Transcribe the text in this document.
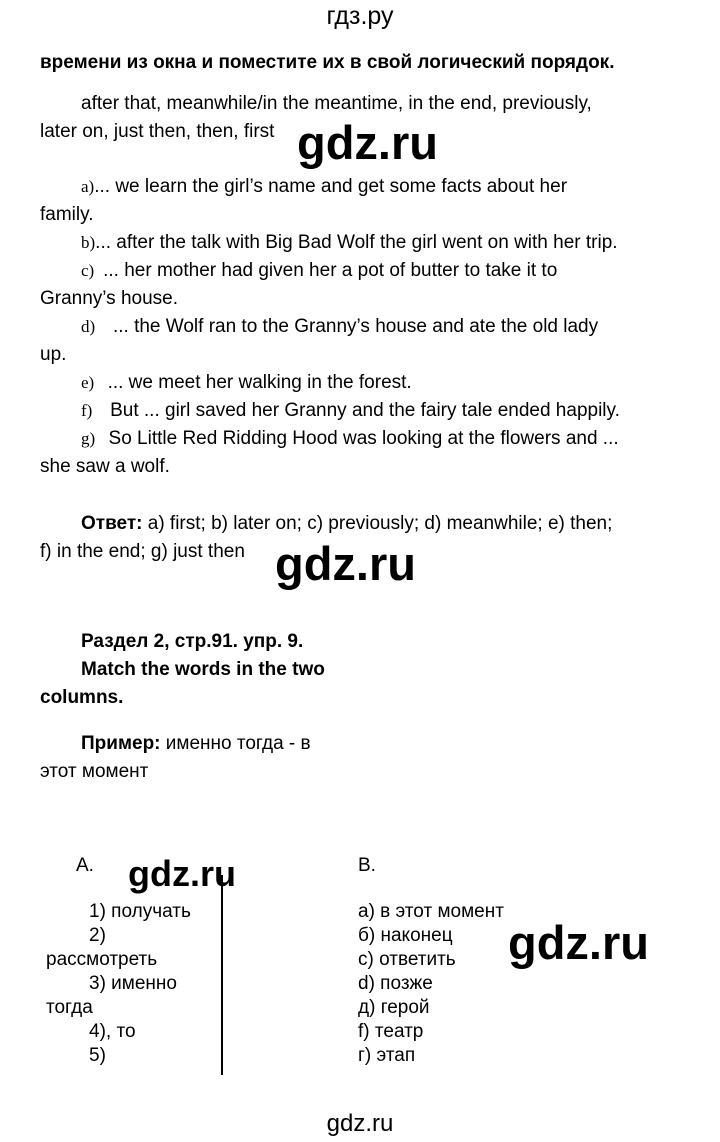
гдз.ру
времени из окна и поместите их в свой логический порядок.
after that, meanwhile/in the meantime, in the end, previously,
later on, just then, then, first
a)... we learn the girl’s name and get some facts about her
family.
b)... after the talk with Big Bad Wolf the girl went on with her trip.
c) ... her mother had given her a pot of butter to take it to
Granny’s house.
d) ... the Wolf ran to the Granny’s house and ate the old lady
up.
e) ... we meet her walking in the forest.
f) But ... girl saved her Granny and the fairy tale ended happily.
g) So Little Red Ridding Hood was looking at the flowers and ...
she saw a wolf.
Ответ: a) first; b) later on; c) previously; d) meanwhile; e) then;
f) in the end; g) just then
Раздел 2, стр.91. упр. 9.
Match the words in the two
columns.
Пример: именно тогда - в
этот момент
A.	B.
1) получать
2)
рассмотреть
3) именно
тогда
4), то
5)
а) в этот момент
б) наконец
с) ответить
d) позже
д) герой
f) театр
г) этап
gdz.ru
gdz.ru
gdz.ru
gdz.ru
gdz.ru
